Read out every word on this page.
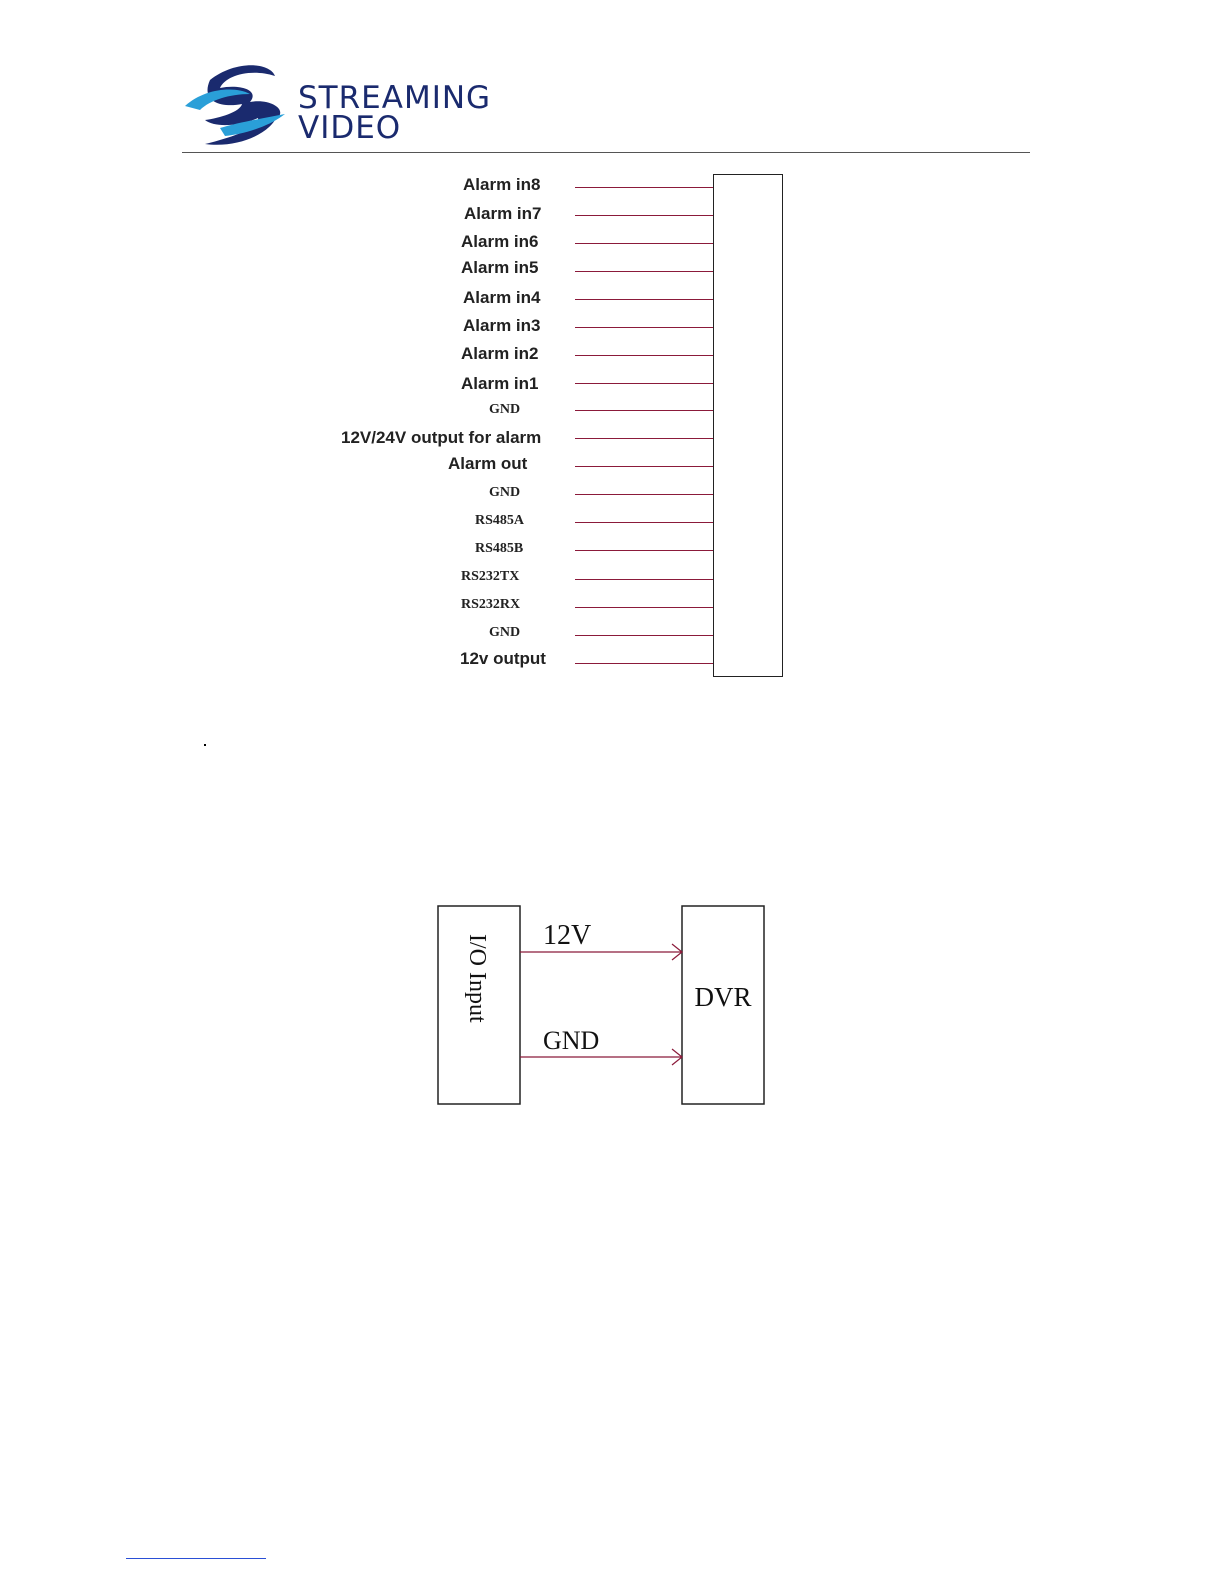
STREAMING
VIDEO
Alarm in8
Alarm in7
Alarm in6
Alarm in5
Alarm in4
Alarm in3
Alarm in2
Alarm in1
GND
12V/24V output for alarm
Alarm out
GND
RS485A
RS485B
RS232TX
RS232RX
GND
12v output
I/O Input	DVR
12V
GND
